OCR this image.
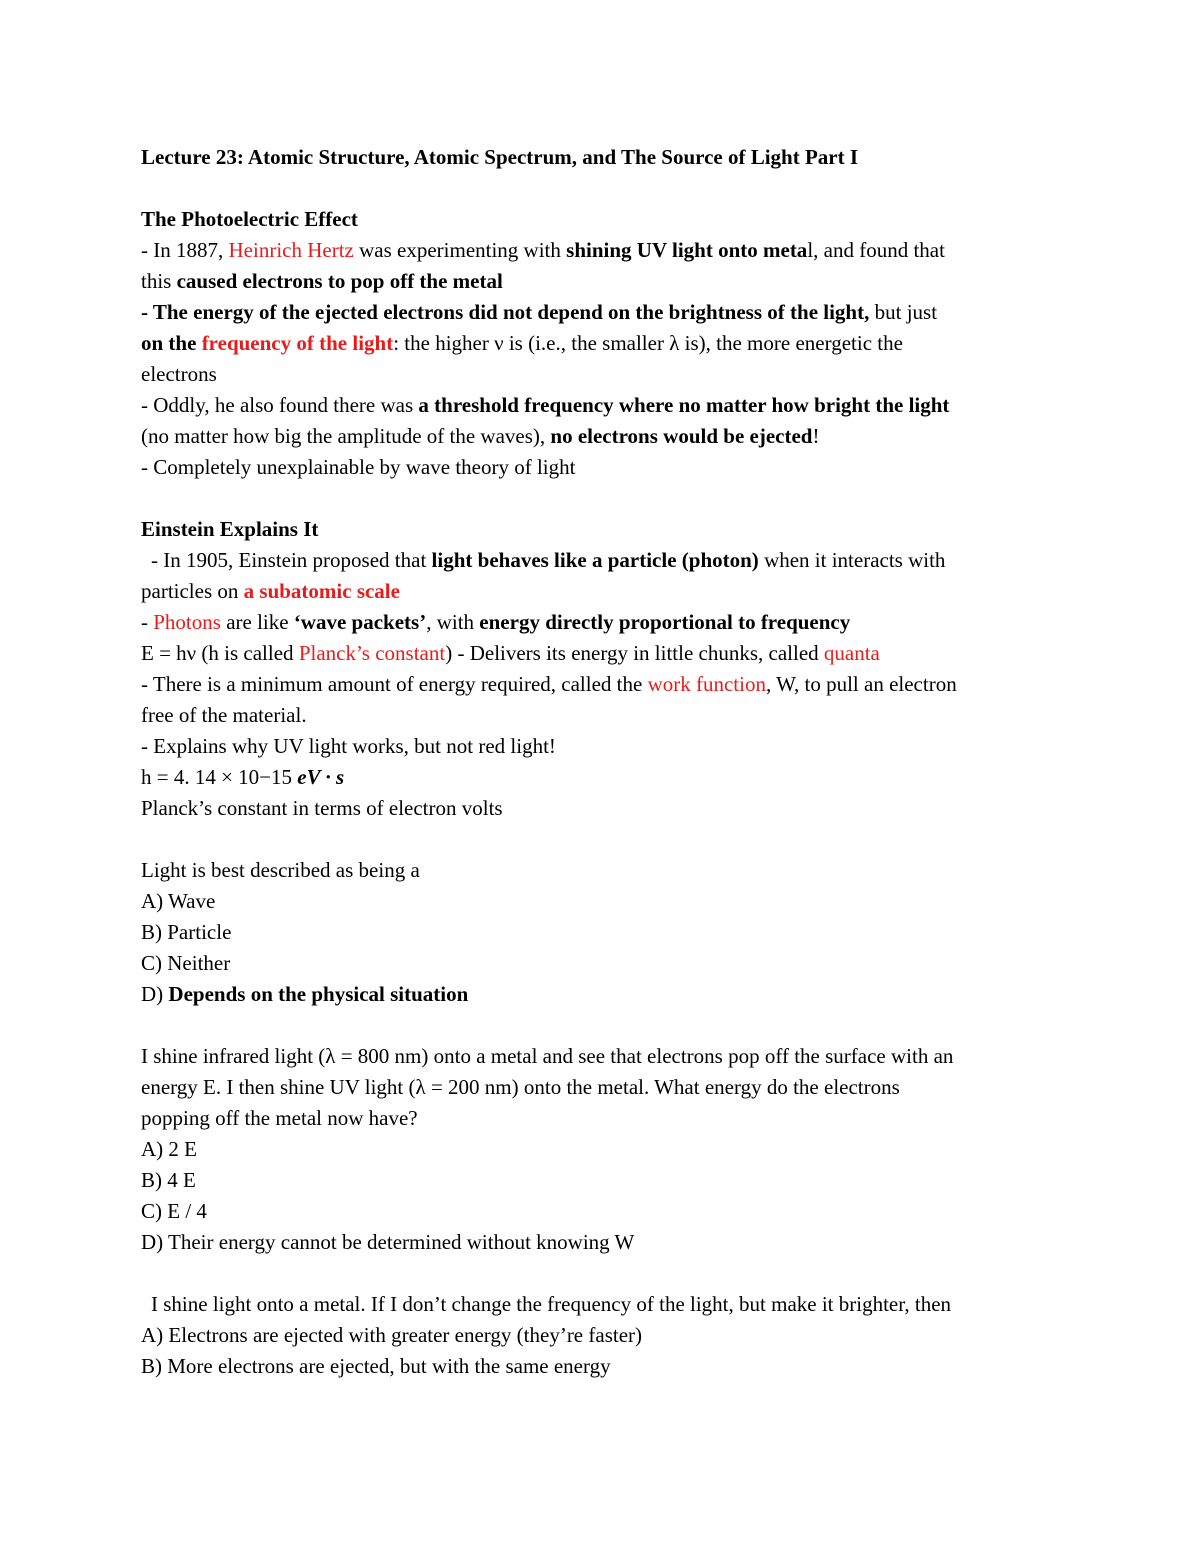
Lecture 23: Atomic Structure, Atomic Spectrum, and The Source of Light Part I
The Photoelectric Effect
- In 1887, Heinrich Hertz was experimenting with shining UV light onto metal, and found that
this caused electrons to pop off the metal
- The energy of the ejected electrons did not depend on the brightness of the light, but just
on the frequency of the light: the higher ν is (i.e., the smaller λ is), the more energetic the
electrons
- Oddly, he also found there was a threshold frequency where no matter how bright the light
(no matter how big the amplitude of the waves), no electrons would be ejected!
- Completely unexplainable by wave theory of light
Einstein Explains It
- In 1905, Einstein proposed that light behaves like a particle (photon) when it interacts with
particles on a subatomic scale
- Photons are like ‘wave packets’, with energy directly proportional to frequency
E = hν (h is called Planck’s constant) - Delivers its energy in little chunks, called quanta
- There is a minimum amount of energy required, called the work function, W, to pull an electron
free of the material.
- Explains why UV light works, but not red light!
h = 4. 14 × 10−15 eV · s
Planck’s constant in terms of electron volts
Light is best described as being a
A) Wave
B) Particle
C) Neither
D) Depends on the physical situation
I shine infrared light (λ = 800 nm) onto a metal and see that electrons pop off the surface with an
energy E. I then shine UV light (λ = 200 nm) onto the metal. What energy do the electrons
popping off the metal now have?
A) 2 E
B) 4 E
C) E / 4
D) Their energy cannot be determined without knowing W
I shine light onto a metal. If I don’t change the frequency of the light, but make it brighter, then
A) Electrons are ejected with greater energy (they’re faster)
B) More electrons are ejected, but with the same energy
